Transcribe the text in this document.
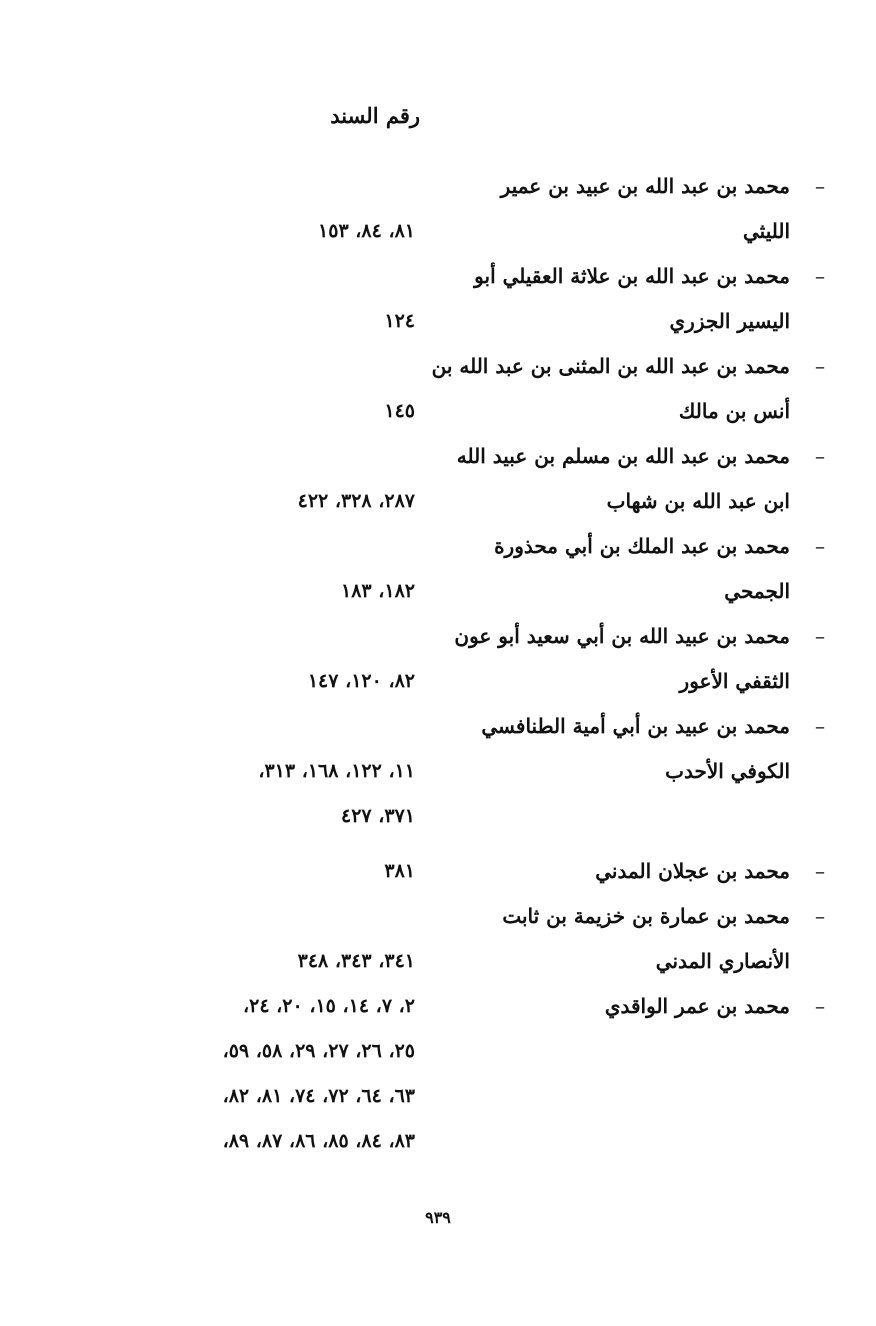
رقم السند
–
محمد بن عبد الله بن عبيد بن عمير
الليثي
٨١، ٨٤، ١٥٣
–
محمد بن عبد الله بن علاثة العقيلي أبو
اليسير الجزري
١٢٤
–
محمد بن عبد الله بن المثنى بن عبد الله بن
أنس بن مالك
١٤٥
–
محمد بن عبد الله بن مسلم بن عبيد الله
ابن عبد الله بن شهاب
٢٨٧، ٣٢٨، ٤٢٢
–
محمد بن عبد الملك بن أبي محذورة
الجمحي
١٨٢، ١٨٣
–
محمد بن عبيد الله بن أبي سعيد أبو عون
الثقفي الأعور
٨٢، ١٢٠، ١٤٧
–
محمد بن عبيد بن أبي أمية الطنافسي
الكوفي الأحدب
١١، ١٢٢، ١٦٨، ٣١٣،
٣٧١، ٤٢٧
–
محمد بن عجلان المدني
٣٨١
–
محمد بن عمارة بن خزيمة بن ثابت
الأنصاري المدني
٣٤١، ٣٤٣، ٣٤٨
–
محمد بن عمر الواقدي
٢، ٧، ١٤، ١٥، ٢٠، ٢٤،
٢٥، ٢٦، ٢٧، ٢٩، ٥٨، ٥٩،
٦٣، ٦٤، ٧٢، ٧٤، ٨١، ٨٢،
٨٣، ٨٤، ٨٥، ٨٦، ٨٧، ٨٩،
٩٣٩
